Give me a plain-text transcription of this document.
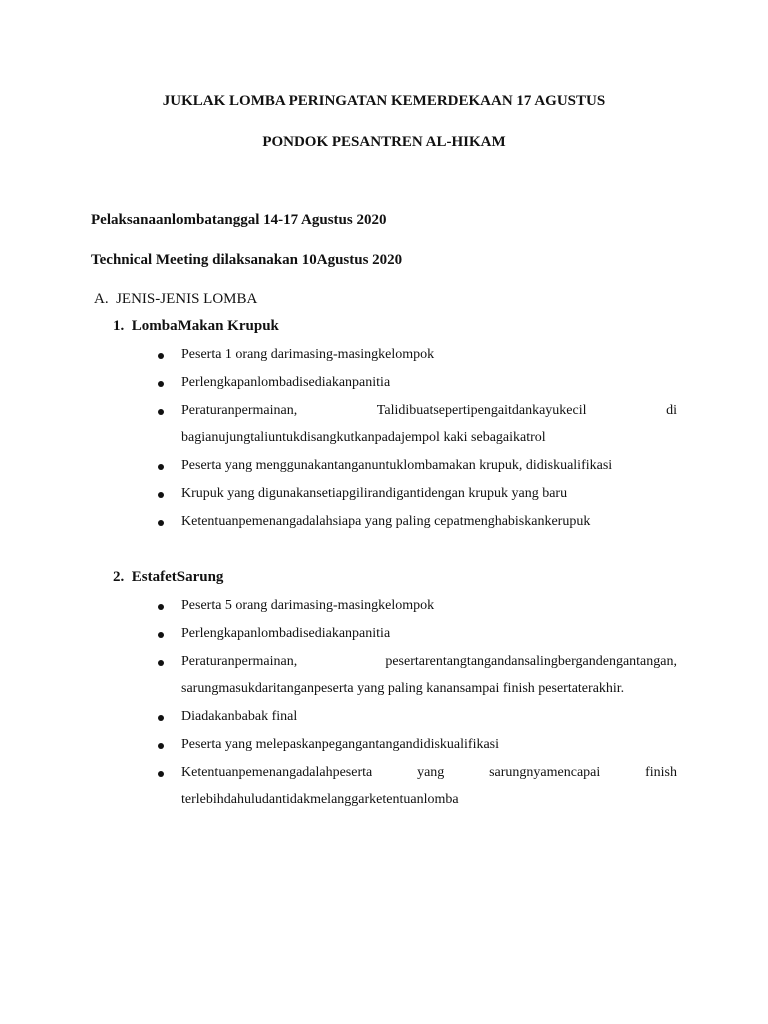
JUKLAK LOMBA PERINGATAN KEMERDEKAAN 17 AGUSTUS
PONDOK PESANTREN AL-HIKAM
Pelaksanaanlombatanggal 14-17 Agustus 2020
Technical Meeting dilaksanakan 10Agustus 2020
A. JENIS-JENIS LOMBA
1. LombaMakan Krupuk
Peserta 1 orang darimasing-masingkelompok
Perlengkapanlombadisediakanpanitia
Peraturanpermainan,	Talidibuatsepertipengaitdankayukecil	di
bagianujungtaliuntukdisangkutkanpadajempol kaki sebagaikatrol
Peserta yang menggunakantanganuntuklombamakan krupuk, didiskualifikasi
Krupuk yang digunakansetiapgilirandigantidengan krupuk yang baru
Ketentuanpemenangadalahsiapa yang paling cepatmenghabiskankerupuk
2. EstafetSarung
Peserta 5 orang darimasing-masingkelompok
Perlengkapanlombadisediakanpanitia
Peraturanpermainan,	pesertarentangtangandansalingbergandengantangan,
sarungmasukdaritanganpeserta yang paling kanansampai finish pesertaterakhir.
Diadakanbabak final
Peserta yang melepaskanpegangantangandidiskualifikasi
Ketentuanpemenangadalahpeserta	yang	sarungnyamencapai	finish
terlebihdahuludantidakmelanggarketentuanlomba
